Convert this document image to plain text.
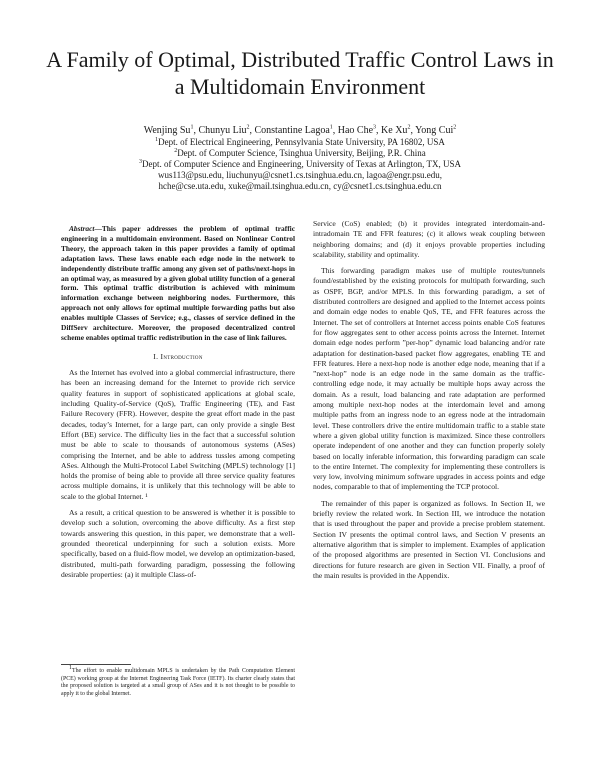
A Family of Optimal, Distributed Traffic Control Laws in a Multidomain Environment
Wenjing Su$^1$, Chunyu Liu$^2$, Constantine Lagoa$^1$, Hao Che$^3$, Ke Xu$^2$, Yong Cui$^2$
$^1$Dept. of Electrical Engineering, Pennsylvania State University, PA 16802, USA
$^2$Dept. of Computer Science, Tsinghua University, Beijing, P.R. China
$^3$Dept. of Computer Science and Engineering, University of Texas at Arlington, TX, USA
wus113@psu.edu, liuchunyu@csnet1.cs.tsinghua.edu.cn, lagoa@engr.psu.edu,
hche@cse.uta.edu, xuke@mail.tsinghua.edu.cn, cy@csnet1.cs.tsinghua.edu.cn

Abstract—This paper addresses the problem of optimal traffic engineering in a multidomain environment. Based on Nonlinear Control Theory, the approach taken in this paper provides a family of optimal adaptation laws. These laws enable each edge node in the network to independently distribute traffic among any given set of paths/next-hops in an optimal way, as measured by a given global utility function of a general form. This optimal traffic distribution is achieved with minimum information exchange between neighboring nodes. Furthermore, this approach not only allows for optimal multiple forwarding paths but also enables multiple Classes of Service; e.g., classes of service defined in the DiffServ architecture. Moreover, the proposed decentralized control scheme enables optimal traffic redistribution in the case of link failures.

I. Introduction

As the Internet has evolved into a global commercial infrastructure, there has been an increasing demand for the Internet to provide rich service quality features in support of sophisticated applications at global scale, including Quality-of-Service (QoS), Traffic Engineering (TE), and Fast Failure Recovery (FFR). However, despite the great effort made in the past decades, today’s Internet, for a large part, can only provide a single Best Effort (BE) service. The difficulty lies in the fact that a successful solution must be able to scale to thousands of autonomous systems (ASes) comprising the Internet, and be able to address tussles among competing ASes. Although the Multi-Protocol Label Switching (MPLS) technology [1] holds the promise of being able to provide all three service quality features across multiple domains, it is unlikely that this technology will be able to scale to the global Internet. ¹

As a result, a critical question to be answered is whether it is possible to develop such a solution, overcoming the above difficulty. As a first step towards answering this question, in this paper, we demonstrate that a well-grounded theoretical underpinning for such a solution exists. More specifically, based on a fluid-flow model, we develop an optimization-based, distributed, multi-path forwarding paradigm, possessing the following desirable properties: (a) it multiple Class-of-

Service (CoS) enabled; (b) it provides integrated interdomain-and-intradomain TE and FFR features; (c) it allows weak coupling between neighboring domains; and (d) it enjoys provable properties including scalability, stability and optimality.

This forwarding paradigm makes use of multiple routes/tunnels found/established by the existing protocols for multipath forwarding, such as OSPF, BGP, and/or MPLS. In this forwarding paradigm, a set of distributed controllers are designed and applied to the Internet access points and domain edge nodes to enable QoS, TE, and FFR features across the Internet. The set of controllers at Internet access points enable CoS features for flow aggregates sent to other access points across the Internet. Internet domain edge nodes perform ”per-hop” dynamic load balancing and/or rate adaptation for destination-based packet flow aggregates, enabling TE and FFR features. Here a next-hop node is another edge node, meaning that if a ”next-hop” node is an edge node in the same domain as the traffic-controlling edge node, it may actually be multiple hops away across the domain. As a result, load balancing and rate adaptation are performed among multiple next-hop nodes at the interdomain level and among multiple paths from an ingress node to an egress node at the intradomain level. These controllers drive the entire multidomain traffic to a stable state where a given global utility function is maximized. Since these controllers operate independent of one another and they can function properly solely based on locally inferable information, this forwarding paradigm can scale to the entire Internet. The complexity for implementing these controllers is very low, involving minimum software upgrades in access points and edge nodes, comparable to that of implementing the TCP protocol.

The remainder of this paper is organized as follows. In Section II, we briefly review the related work. In Section III, we introduce the notation that is used throughout the paper and provide a precise problem statement. Section IV presents the optimal control laws, and Section V presents an alternative algorithm that is simpler to implement. Examples of application of the proposed algorithms are presented in Section VI. Conclusions and directions for future research are given in Section VII. Finally, a proof of the main results is provided in the Appendix.

$^1$The effort to enable multidomain MPLS is undertaken by the Path Computation Element (PCE) working group at the Internet Engineering Task Force (IETF). Its charter clearly states that the proposed solution is targeted at a small group of ASes and it is not thought to be possible to apply it to the global Internet.
